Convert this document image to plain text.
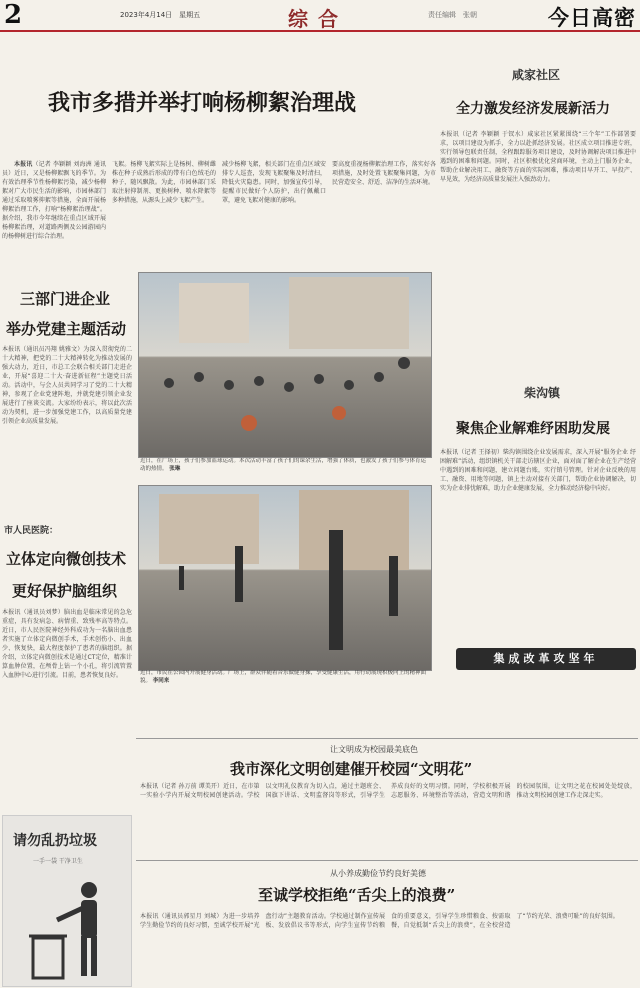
2	2023年4月14日　星期五	综合	责任编辑　张朝	今日高密
我市多措并举打响杨柳絮治理战

本报讯（记者 李颖颖 刘海洲 通讯员）近日，又是杨柳絮飘飞的季节。为有效治理季节性杨柳絮污染，减少杨柳絮对广大市民生活的影响，市园林部门通过采取喷雾抑絮等措施，全面开展杨柳絮治理工作，打响“杨柳絮治理战”。据介绍，我市今年继续在重点区域开展杨柳絮治理，对道路两侧及公园游园内的杨柳树进行综合治理。

飞絮。杨柳飞絮实际上是杨树、柳树雌株在种子成熟后形成的带有白色绒毛的种子，随风飘散。为此，市园林部门采取注射抑制剂、更换树种、喷水降絮等多种措施，从源头上减少飞絮产生。
减少杨柳飞絮，相关部门在重点区域安排专人巡查，发现飞絮聚集及时清扫，降低火灾隐患。同时，加强宣传引导，提醒市民做好个人防护，出行佩戴口罩，避免飞絮对健康的影响。
要高度重视杨柳絮治理工作，落实好各项措施，及时处置飞絮聚集问题，为市民营造安全、舒适、洁净的生活环境。
三部门进企业
举办党建主题活动
本报讯（通讯员冯翔 姚雅文）为深入贯彻党的二十大精神，把党的二十大精神转化为推动发展的强大动力，近日，市总工会联合相关部门走进企业，开展“喜迎二十大·奋进新征程”主题党日活动。活动中，与会人员共同学习了党的二十大精神，参观了企业党建阵地，并就党建引领企业发展进行了座谈交流。大家纷纷表示，将以此次活动为契机，进一步加强党建工作，以高质量党建引领企业高质量发展。
市人民医院：
立体定向微创技术
更好保护脑组织
本报讯（通讯员刘梦）脑出血是临床常见的急危重症，具有发病急、病情重、致残率高等特点。近日，市人民医院神经外科成功为一名脑出血患者实施了立体定向微创手术，手术创伤小、出血少、恢复快，最大程度保护了患者的脑组织。据介绍，立体定向微创技术是通过CT定位，精准计算血肿位置，在颅骨上钻一个小孔，将引流管置入血肿中心进行引流。目前，患者恢复良好。
请勿乱扔垃圾
一手一袋 干净卫生
近日，在广场上，孩子们参加篮球运动。本次活动丰富了孩子们的课余生活，增强了体质，也激发了孩子们参与体育运动的热情。 张琳
近日，市民在公园内开展健身活动。广场上，群众伴随着音乐做健身操，享受健康生活，用行动展现积极向上的精神面貌。 李同来
咸家社区
全力激发经济发展新活力
本报讯（记者 李颖颖 于钗水）咸家社区紧紧围绕“三个年”工作部署要求，以项目建设为抓手，全力以赴抓经济发展。社区成立项目推进专班，实行领导包联责任制，全程跟踪服务项目建设，及时协调解决项目推进中遇到的困难和问题。同时，社区积极优化营商环境，主动上门服务企业，帮助企业解决用工、融资等方面的实际困难，推动项目早开工、早投产、早见效，为经济高质量发展注入强劲动力。
柴沟镇
聚焦企业解难纾困助发展
本报讯（记者 王择初）柴沟镇围绕企业发展需求，深入开展“服务企业 纾困解难”活动，组织镇机关干部走访辖区企业，面对面了解企业在生产经营中遇到的困难和问题，建立问题台账，实行销号管理。针对企业反映的用工、融资、用地等问题，镇上主动对接有关部门，帮助企业协调解决，切实为企业排忧解难，助力企业健康发展，全力推动经济稳中向好。
集成改革攻坚年
让文明成为校园最美底色
我市深化文明创建催开校园“文明花”
本报讯（记者 孙万前 谭美开）近日，在市第一实验小学内开展文明校园创建活动。学校以文明礼仪教育为切入点，通过主题班会、国旗下讲话、文明监督岗等形式，引导学生养成良好的文明习惯。同时，学校积极开展志愿服务、环境整治等活动，营造文明和谐的校园氛围，让文明之花在校园处处绽放，推动文明校园创建工作走深走实。
从小养成勤俭节约良好美德
至诚学校拒绝“舌尖上的浪费”
本报讯（通讯员郭星月 刘城）为进一步培养学生勤俭节约的良好习惯，至诚学校开展“光盘行动”主题教育活动。学校通过制作宣传展板、发放倡议书等形式，向学生宣传节约粮食的重要意义，引导学生珍惜粮食、按需取餐，自觉抵制“舌尖上的浪费”，在全校营造了“节约光荣、浪费可耻”的良好氛围。
